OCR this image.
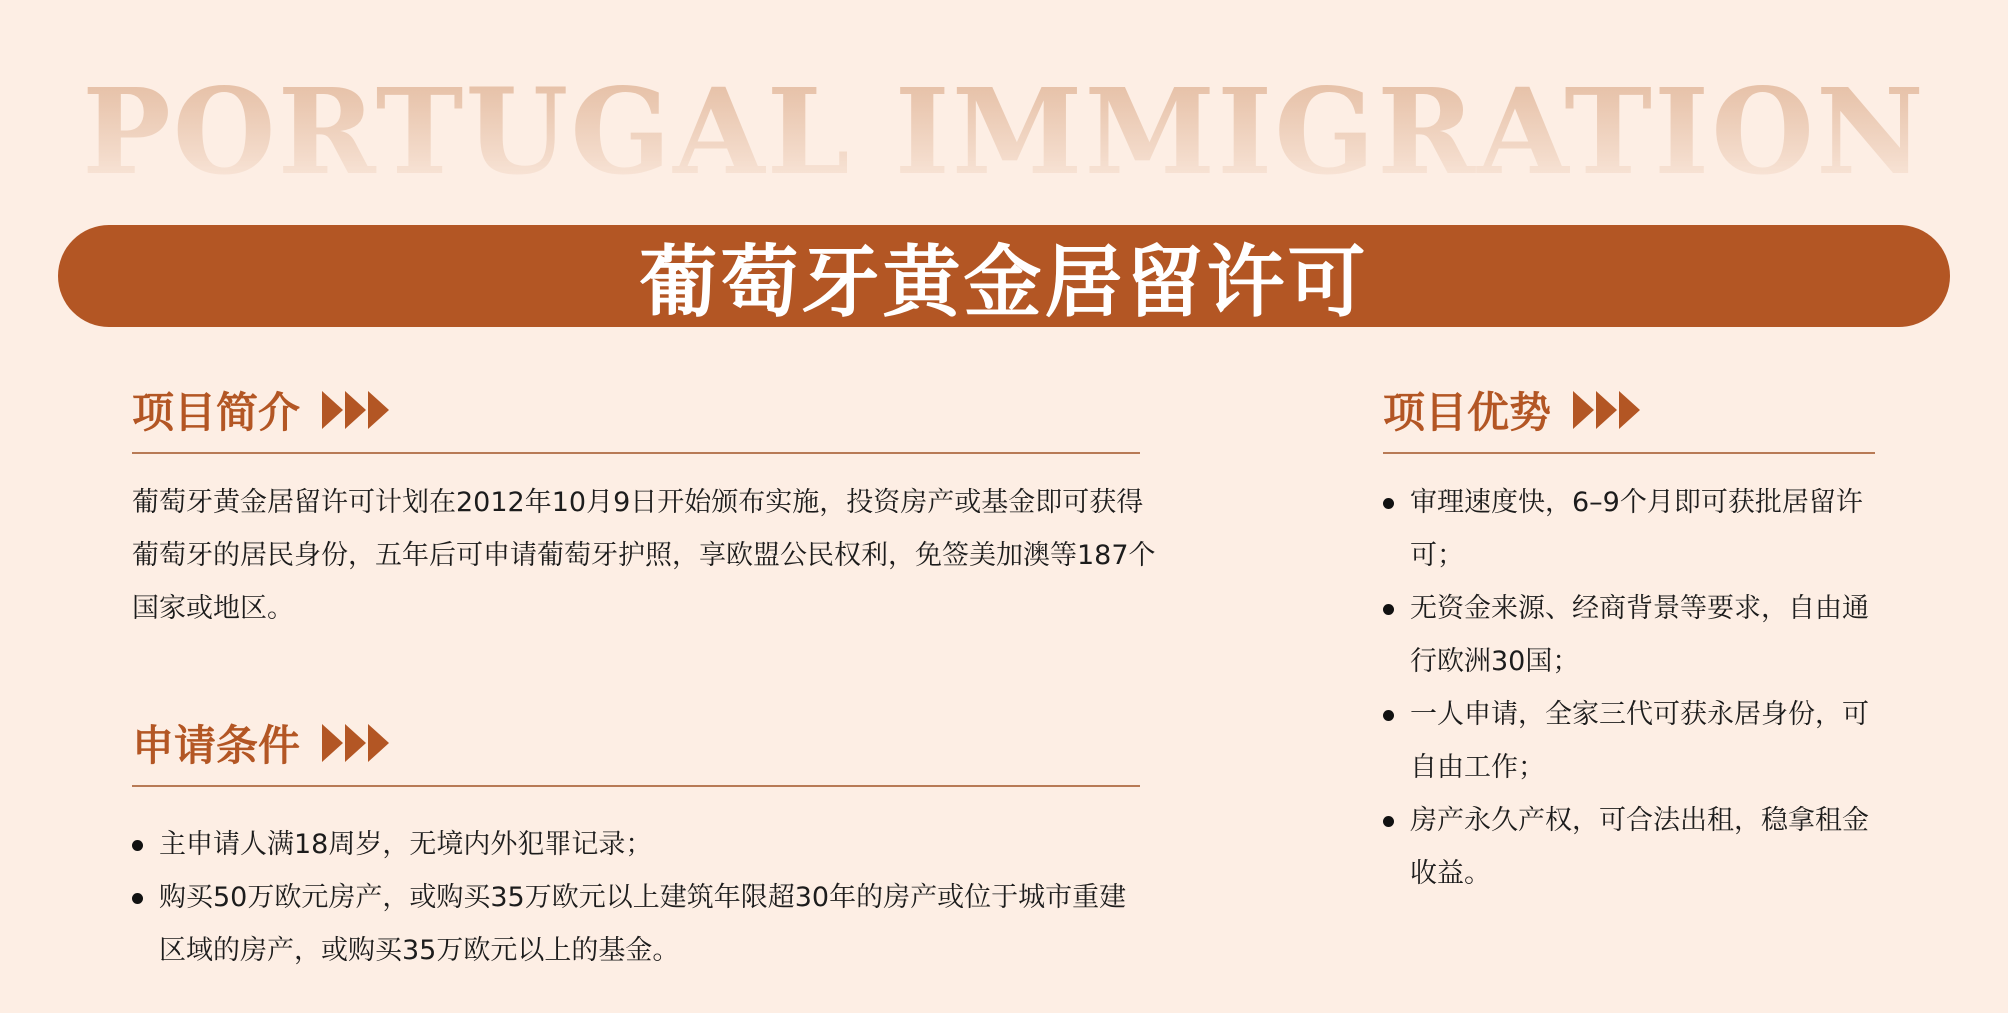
PORTUGAL IMMIGRATION
葡萄牙黄金居留许可
项目简介
葡萄牙黄金居留许可计划在2012年10月9日开始颁布实施，投资房产或基金即可获得葡萄牙的居民身份，五年后可申请葡萄牙护照，享欧盟公民权利，免签美加澳等187个国家或地区。
申请条件
主申请人满18周岁，无境内外犯罪记录；
购买50万欧元房产，或购买35万欧元以上建筑年限超30年的房产或位于城市重建区域的房产，或购买35万欧元以上的基金。
项目优势
审理速度快，6–9个月即可获批居留许可；
无资金来源、经商背景等要求，自由通行欧洲30国；
一人申请，全家三代可获永居身份，可自由工作；
房产永久产权，可合法出租，稳拿租金收益。
